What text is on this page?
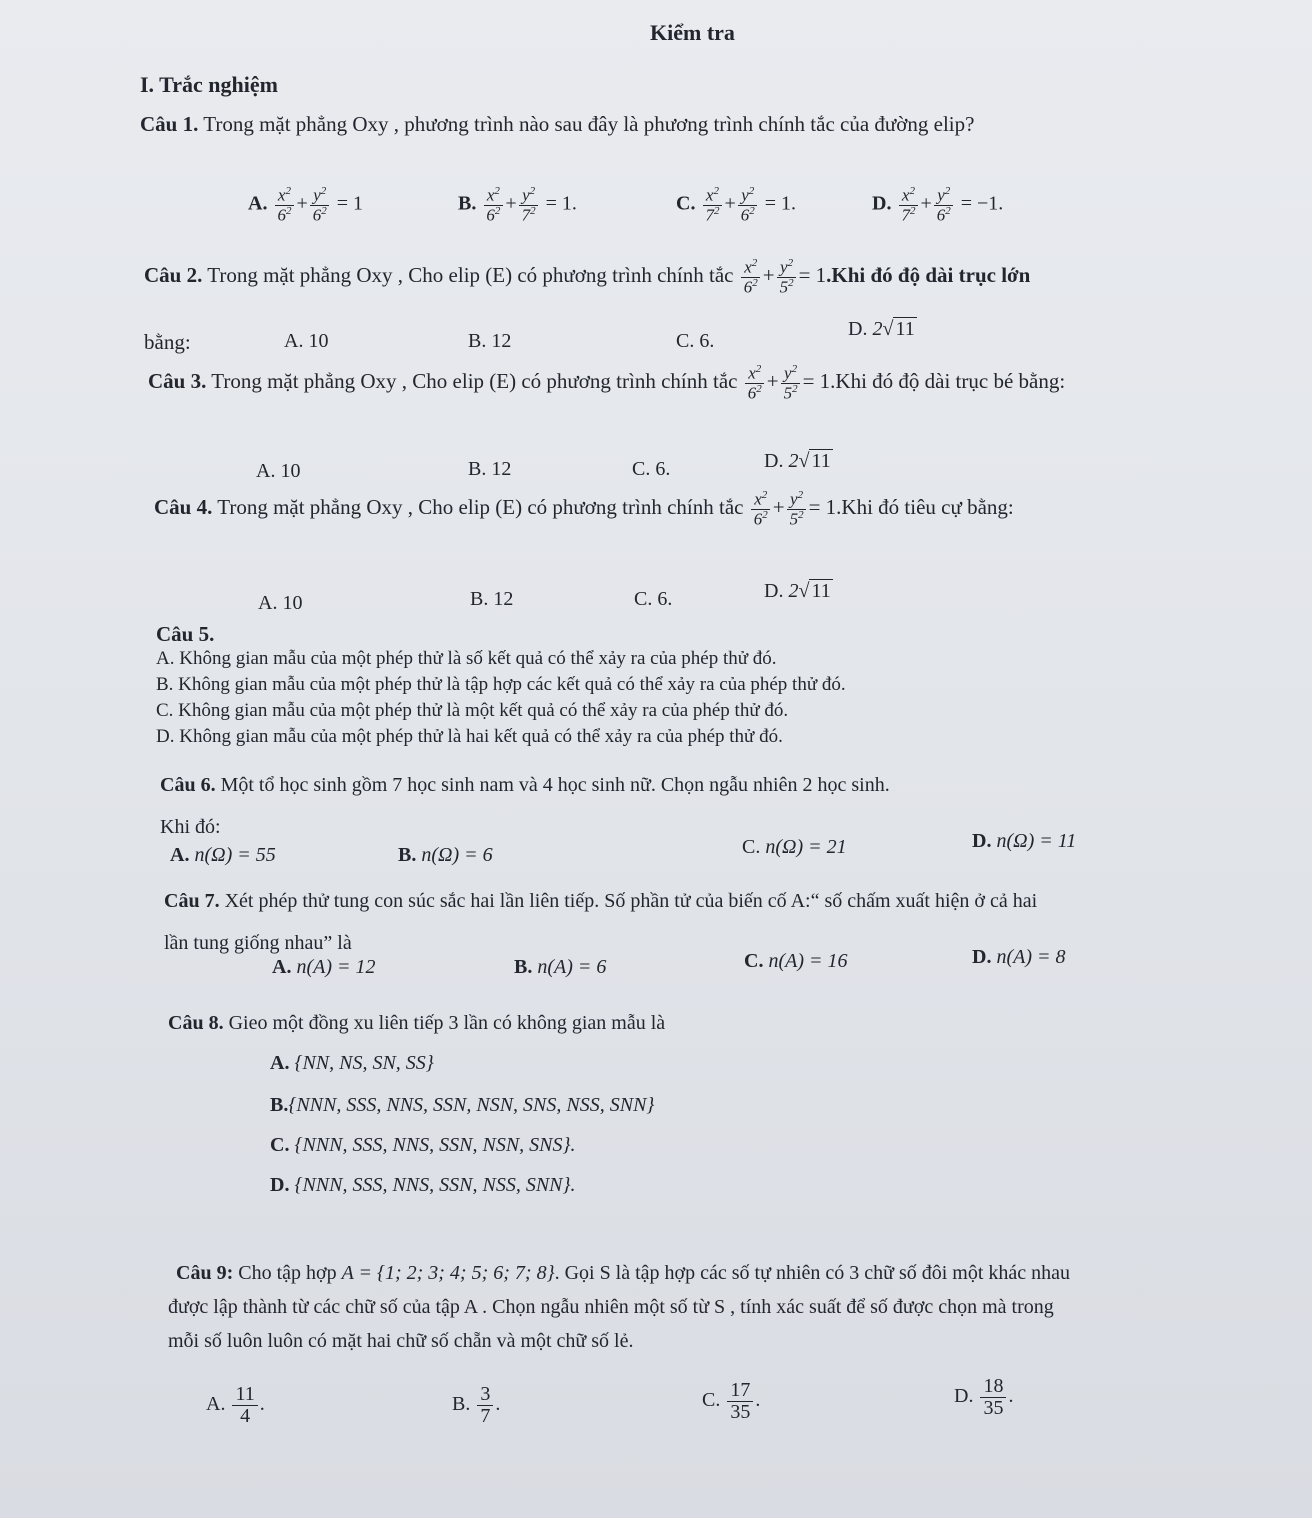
Kiểm tra
I. Trắc nghiệm
Câu 1. Trong mặt phẳng Oxy , phương trình nào sau đây là phương trình chính tắc của đường elip?
A. $\frac{x^2}{6^2} + \frac{y^2}{6^2} = 1$	B. $\frac{x^2}{6^2} + \frac{y^2}{7^2} = 1$.	C. $\frac{x^2}{7^2} + \frac{y^2}{6^2} = 1$.	D. $\frac{x^2}{7^2} + \frac{y^2}{6^2} = -1$.
Câu 2. Trong mặt phẳng Oxy , Cho elip (E) có phương trình chính tắc $\frac{x^2}{6^2} + \frac{y^2}{5^2} = 1.Khi$ đó độ dài trục lớn
bằng:	A. 10	B. 12	C. 6.
D. 2√ 11
Câu 3. Trong mặt phẳng Oxy , Cho elip (E) có phương trình chính tắc $\frac{x^2}{6^2} + \frac{y^2}{5^2} = 1.Khi$ đó độ dài trục bé bằng:
A. 10	B. 12	C. 6.	D. 2√ 11
Câu 4. Trong mặt phẳng Oxy , Cho elip (E) có phương trình chính tắc $\frac{x^2}{6^2} + \frac{y^2}{5^2} = 1.Khi$ đó tiêu cự bằng:
A. 10	B. 12	C. 6.	D. 2√ 11
Câu 5.
A. Không gian mẫu của một phép thử là số kết quả có thể xảy ra của phép thử đó.
B. Không gian mẫu của một phép thử là tập hợp các kết quả có thể xảy ra của phép thử đó.
C. Không gian mẫu của một phép thử là một kết quả có thể xảy ra của phép thử đó.
D. Không gian mẫu của một phép thử là hai kết quả có thể xảy ra của phép thử đó.
Câu 6. Một tổ học sinh gồm 7 học sinh nam và 4 học sinh nữ. Chọn ngẫu nhiên 2 học sinh.
Khi đó:
A. n(Ω) = 55	B. n(Ω) = 6	C. n(Ω) = 21	D. n(Ω) = 11
Câu 7. Xét phép thử tung con súc sắc hai lần liên tiếp. Số phần tử của biến cố A:“ số chấm xuất hiện ở cả hai
lần tung giống nhau” là
A. n(A) = 12	B. n(A) = 6	C. n(A) = 16	D. n(A) = 8
Câu 8. Gieo một đồng xu liên tiếp 3 lần có không gian mẫu là
A. {NN, NS, SN, SS}
B.{NNN, SSS, NNS, SSN, NSN, SNS, NSS, SNN}
C. {NNN, SSS, NNS, SSN, NSN, SNS}.
D. {NNN, SSS, NNS, SSN, NSS, SNN}.
Câu 9: Cho tập hợp A = {1; 2; 3; 4; 5; 6; 7; 8}. Gọi S là tập hợp các số tự nhiên có 3 chữ số đôi một khác nhau
được lập thành từ các chữ số của tập A . Chọn ngẫu nhiên một số từ S , tính xác suất để số được chọn mà trong
mỗi số luôn luôn có mặt hai chữ số chẵn và một chữ số lẻ.
A. $\frac{11}{4}$ .	B. $\frac{3}{7}$ .	C. $\frac{17}{35}$ .	D. $\frac{18}{35}$ .
